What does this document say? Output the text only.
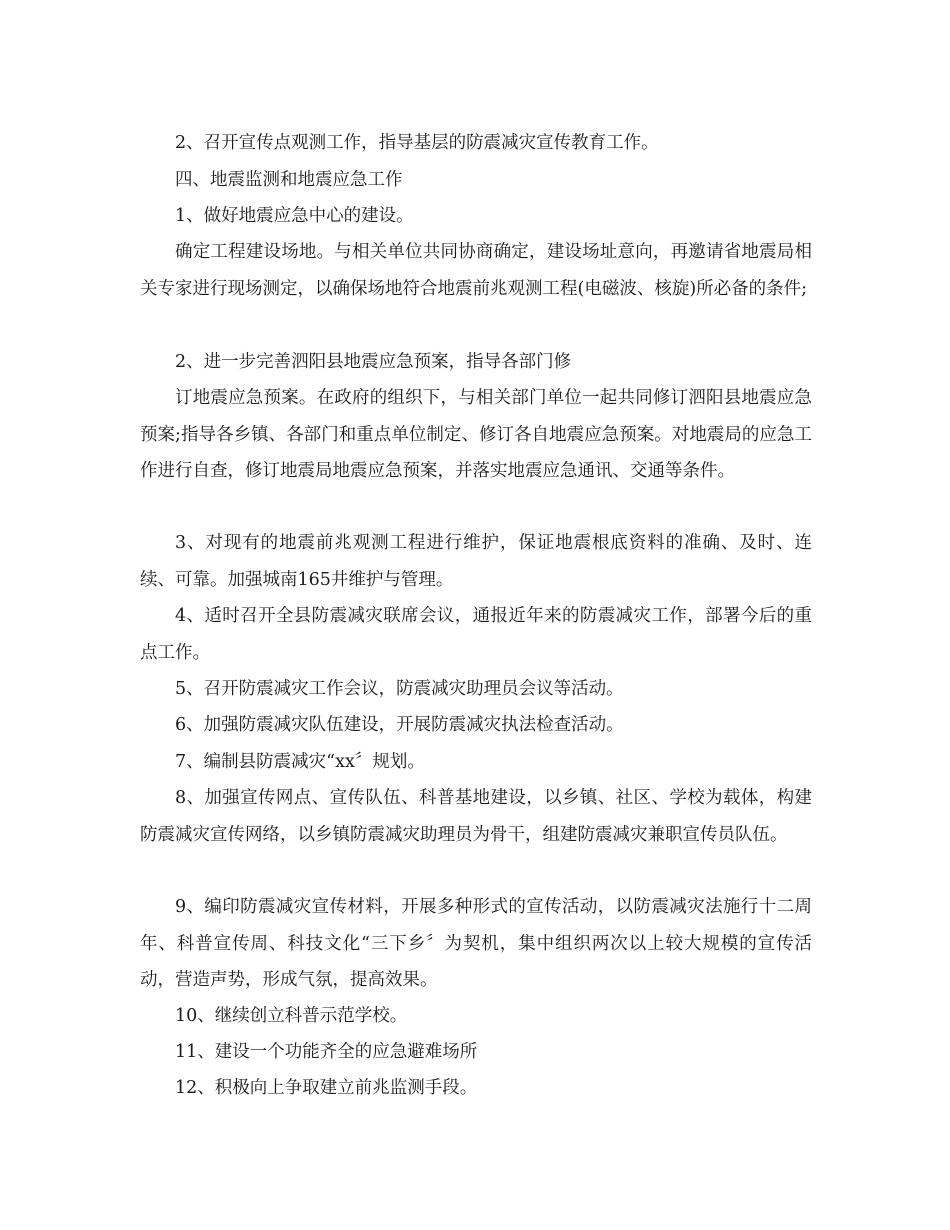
2、召开宣传点观测工作，指导基层的防震减灾宣传教育工作。

四、地震监测和地震应急工作

1、做好地震应急中心的建设。

确定工程建设场地。与相关单位共同协商确定，建设场址意向，再邀请省地震局相关专家进行现场测定，以确保场地符合地震前兆观测工程(电磁波、核旋)所必备的条件;

2、进一步完善泗阳县地震应急预案，指导各部门修

订地震应急预案。在政府的组织下，与相关部门单位一起共同修订泗阳县地震应急预案;指导各乡镇、各部门和重点单位制定、修订各自地震应急预案。对地震局的应急工作进行自查，修订地震局地震应急预案，并落实地震应急通讯、交通等条件。

3、对现有的地震前兆观测工程进行维护，保证地震根底资料的准确、及时、连续、可靠。加强城南165井维护与管理。

4、适时召开全县防震减灾联席会议，通报近年来的防震减灾工作，部署今后的重点工作。

5、召开防震减灾工作会议，防震减灾助理员会议等活动。

6、加强防震减灾队伍建设，开展防震减灾执法检查活动。

7、编制县防震减灾“xx〞规划。

8、加强宣传网点、宣传队伍、科普基地建设，以乡镇、社区、学校为载体，构建防震减灾宣传网络，以乡镇防震减灾助理员为骨干，组建防震减灾兼职宣传员队伍。

9、编印防震减灾宣传材料，开展多种形式的宣传活动，以防震减灾法施行十二周年、科普宣传周、科技文化“三下乡〞为契机，集中组织两次以上较大规模的宣传活动，营造声势，形成气氛，提高效果。

10、继续创立科普示范学校。

11、建设一个功能齐全的应急避难场所

12、积极向上争取建立前兆监测手段。
